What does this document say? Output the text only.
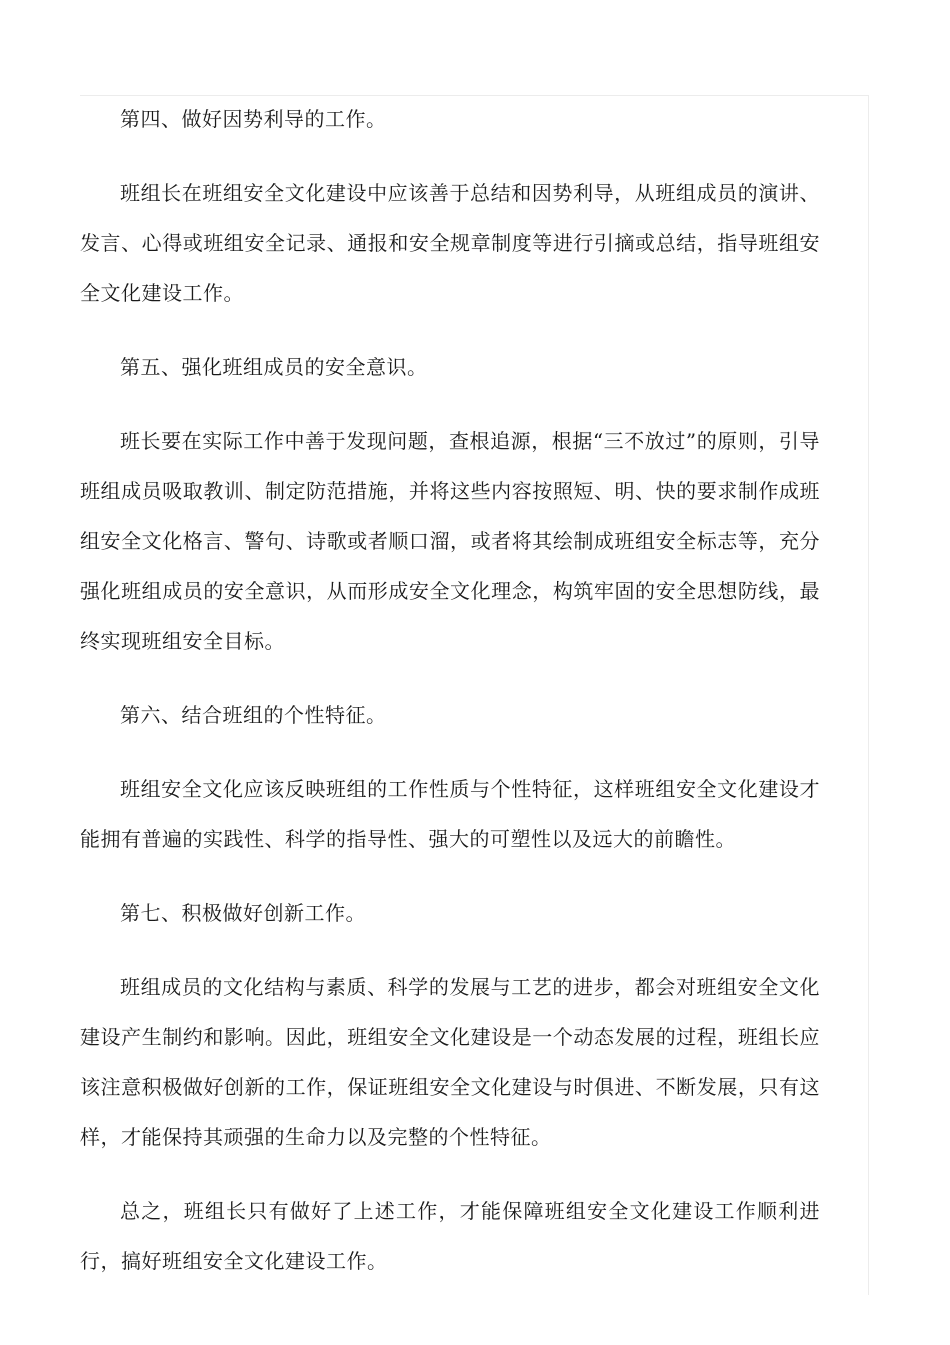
第四、做好因势利导的工作。

班组长在班组安全文化建设中应该善于总结和因势利导，从班组成员的演讲、发言、心得或班组安全记录、通报和安全规章制度等进行引摘或总结，指导班组安全文化建设工作。

第五、强化班组成员的安全意识。

班长要在实际工作中善于发现问题，查根追源，根据“三不放过”的原则，引导班组成员吸取教训、制定防范措施，并将这些内容按照短、明、快的要求制作成班组安全文化格言、警句、诗歌或者顺口溜，或者将其绘制成班组安全标志等，充分强化班组成员的安全意识，从而形成安全文化理念，构筑牢固的安全思想防线，最终实现班组安全目标。

第六、结合班组的个性特征。

班组安全文化应该反映班组的工作性质与个性特征，这样班组安全文化建设才能拥有普遍的实践性、科学的指导性、强大的可塑性以及远大的前瞻性。

第七、积极做好创新工作。

班组成员的文化结构与素质、科学的发展与工艺的进步，都会对班组安全文化建设产生制约和影响。因此，班组安全文化建设是一个动态发展的过程，班组长应该注意积极做好创新的工作，保证班组安全文化建设与时俱进、不断发展，只有这样，才能保持其顽强的生命力以及完整的个性特征。

总之，班组长只有做好了上述工作，才能保障班组安全文化建设工作顺利进行，搞好班组安全文化建设工作。
